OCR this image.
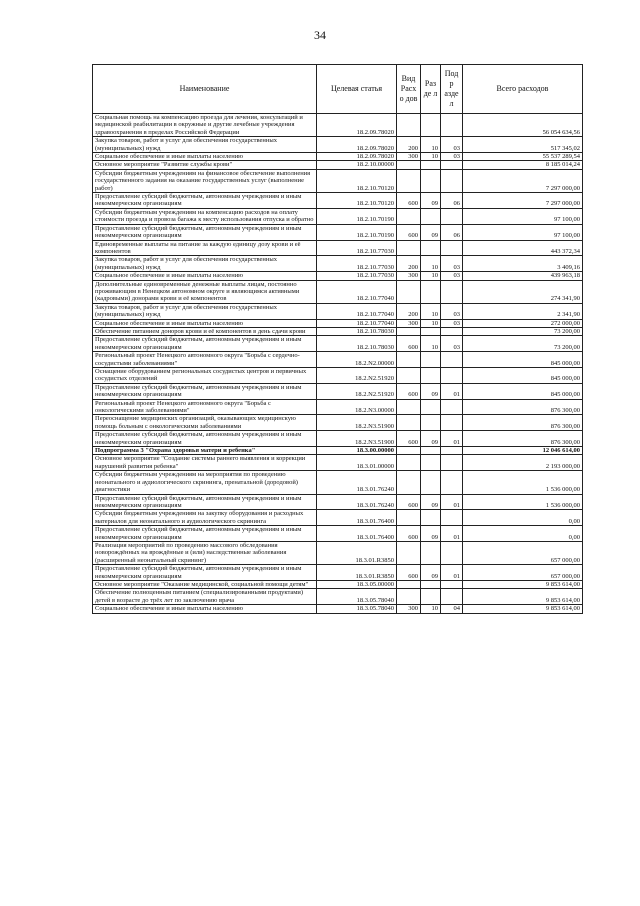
34
Наименование	Целевая статья	Вид Расхо дов	Разде л	Подр аздел	Всего расходов
Социальная помощь на компенсацию проезда для лечения, консультаций и медицинской реабилитации в окружные и другие лечебные учреждения здравоохранения в пределах Российской Федерации	18.2.09.78020				56 054 634,56
Закупка товаров, работ и услуг для обеспечения государственных (муниципальных) нужд	18.2.09.78020	200	10	03	517 345,02
Социальное обеспечение и иные выплаты населению	18.2.09.78020	300	10	03	55 537 289,54
Основное мероприятие "Развитие службы крови"	18.2.10.00000				8 185 014,24
Субсидии бюджетным учреждениям на финансовое обеспечение выполнения государственного задания на оказание государственных услуг (выполнение работ)	18.2.10.70120				7 297 000,00
Предоставление субсидий бюджетным, автономным учреждениям и иным некоммерческим организациям	18.2.10.70120	600	09	06	7 297 000,00
Субсидии бюджетным учреждениям на компенсацию расходов на оплату стоимости проезда и провоза багажа к месту использования отпуска и обратно	18.2.10.70190				97 100,00
Предоставление субсидий бюджетным, автономным учреждениям и иным некоммерческим организациям	18.2.10.70190	600	09	06	97 100,00
Единовременные выплаты на питание за каждую единицу дозу крови и её компонентов	18.2.10.77030				443 372,34
Закупка товаров, работ и услуг для обеспечения государственных (муниципальных) нужд	18.2.10.77030	200	10	03	3 409,16
Социальное обеспечение и иные выплаты населению	18.2.10.77030	300	10	03	439 963,18
Дополнительные единовременные денежные выплаты лицам, постоянно проживающим в Ненецком автономном округе и являющимся активными (кадровыми) донорами крови и её компонентов	18.2.10.77040				274 341,90
Закупка товаров, работ и услуг для обеспечения государственных (муниципальных) нужд	18.2.10.77040	200	10	03	2 341,90
Социальное обеспечение и иные выплаты населению	18.2.10.77040	300	10	03	272 000,00
Обеспечение питанием доноров крови и её компонентов в день сдачи крови	18.2.10.78030				73 200,00
Предоставление субсидий бюджетным, автономным учреждениям и иным некоммерческим организациям	18.2.10.78030	600	10	03	73 200,00
Региональный проект Ненецкого автономного округа "Борьба с сердечно-сосудистыми заболеваниями"	18.2.N2.00000				845 000,00
Оснащение оборудованием региональных сосудистых центров и первичных сосудистых отделений	18.2.N2.51920				845 000,00
Предоставление субсидий бюджетным, автономным учреждениям и иным некоммерческим организациям	18.2.N2.51920	600	09	01	845 000,00
Региональный проект Ненецкого автономного округа "Борьба с онкологическими заболеваниями"	18.2.N3.00000				876 300,00
Переоснащение медицинских организаций, оказывающих медицинскую помощь больным с онкологическими заболеваниями	18.2.N3.51900				876 300,00
Предоставление субсидий бюджетным, автономным учреждениям и иным некоммерческим организациям	18.2.N3.51900	600	09	01	876 300,00
Подпрограмма 3 "Охрана здоровья матери и ребенка"	18.3.00.00000				12 046 614,00
Основное мероприятие "Создание системы раннего выявления и коррекции нарушений развития ребенка"	18.3.01.00000				2 193 000,00
Субсидии бюджетным учреждениям на мероприятия по проведению неонатального и аудиологического скрининга, пренатальной (дородовой) диагностики	18.3.01.76240				1 536 000,00
Предоставление субсидий бюджетным, автономным учреждениям и иным некоммерческим организациям	18.3.01.76240	600	09	01	1 536 000,00
Субсидии бюджетным учреждениям на закупку оборудования и расходных материалов для неонатального и аудиологического скрининга	18.3.01.76400				0,00
Предоставление субсидий бюджетным, автономным учреждениям и иным некоммерческим организациям	18.3.01.76400	600	09	01	0,00
Реализация мероприятий по проведению массового обследования новорождённых на врождённые и (или) наследственные заболевания (расширенный неонатальный скрининг)	18.3.01.R3850				657 000,00
Предоставление субсидий бюджетным, автономным учреждениям и иным некоммерческим организациям	18.3.01.R3850	600	09	01	657 000,00
Основное мероприятие "Оказание медицинской, социальной помощи детям"	18.3.05.00000				9 853 614,00
Обеспечение полноценным питанием (специализированными продуктами) детей в возрасте до трёх лет по заключению врача	18.3.05.78040				9 853 614,00
Социальное обеспечение и иные выплаты населению	18.3.05.78040	300	10	04	9 853 614,00
